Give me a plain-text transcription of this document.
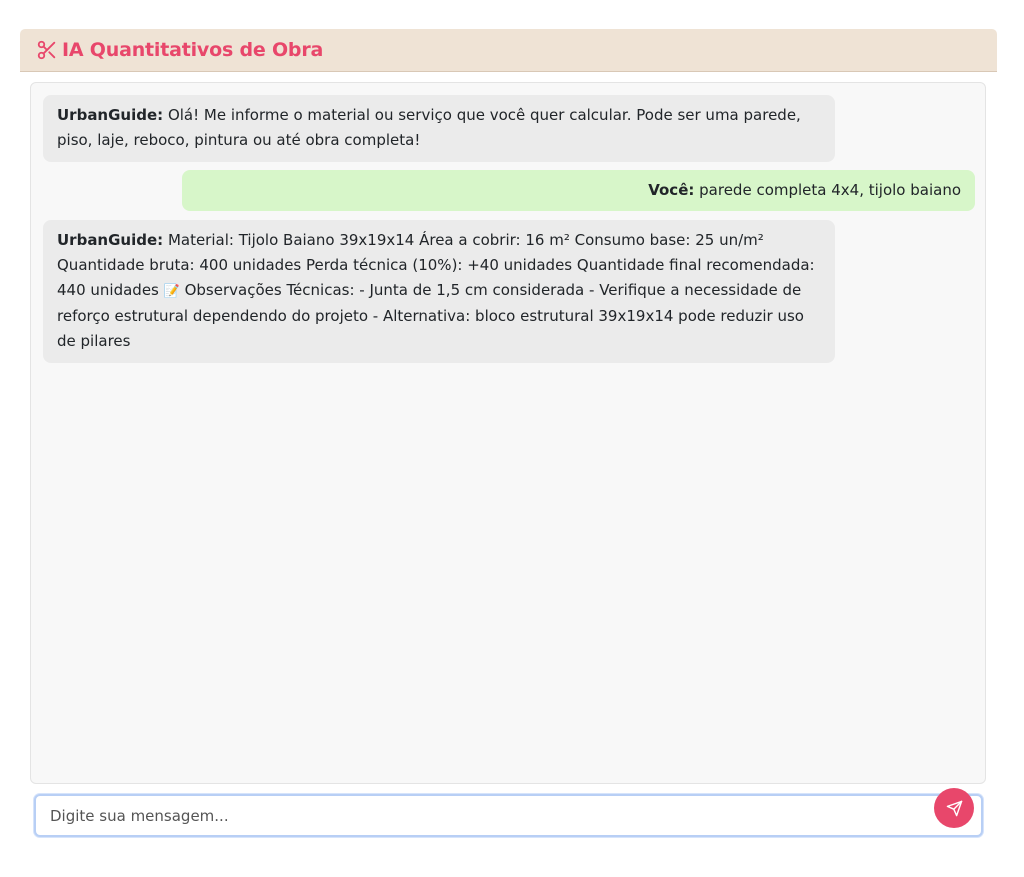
IA Quantitativos de Obra
UrbanGuide: Olá! Me informe o material ou serviço que você quer calcular. Pode ser uma parede, piso, laje, reboco, pintura ou até obra completa!
Você: parede completa 4x4, tijolo baiano
UrbanGuide: Material: Tijolo Baiano 39x19x14 Área a cobrir: 16 m² Consumo base: 25 un/m² Quantidade bruta: 400 unidades Perda técnica (10%): +40 unidades Quantidade final recomendada: 440 unidades 📝 Observações Técnicas: - Junta de 1,5 cm considerada - Verifique a necessidade de reforço estrutural dependendo do projeto - Alternativa: bloco estrutural 39x19x14 pode reduzir uso de pilares
Digite sua mensagem...
